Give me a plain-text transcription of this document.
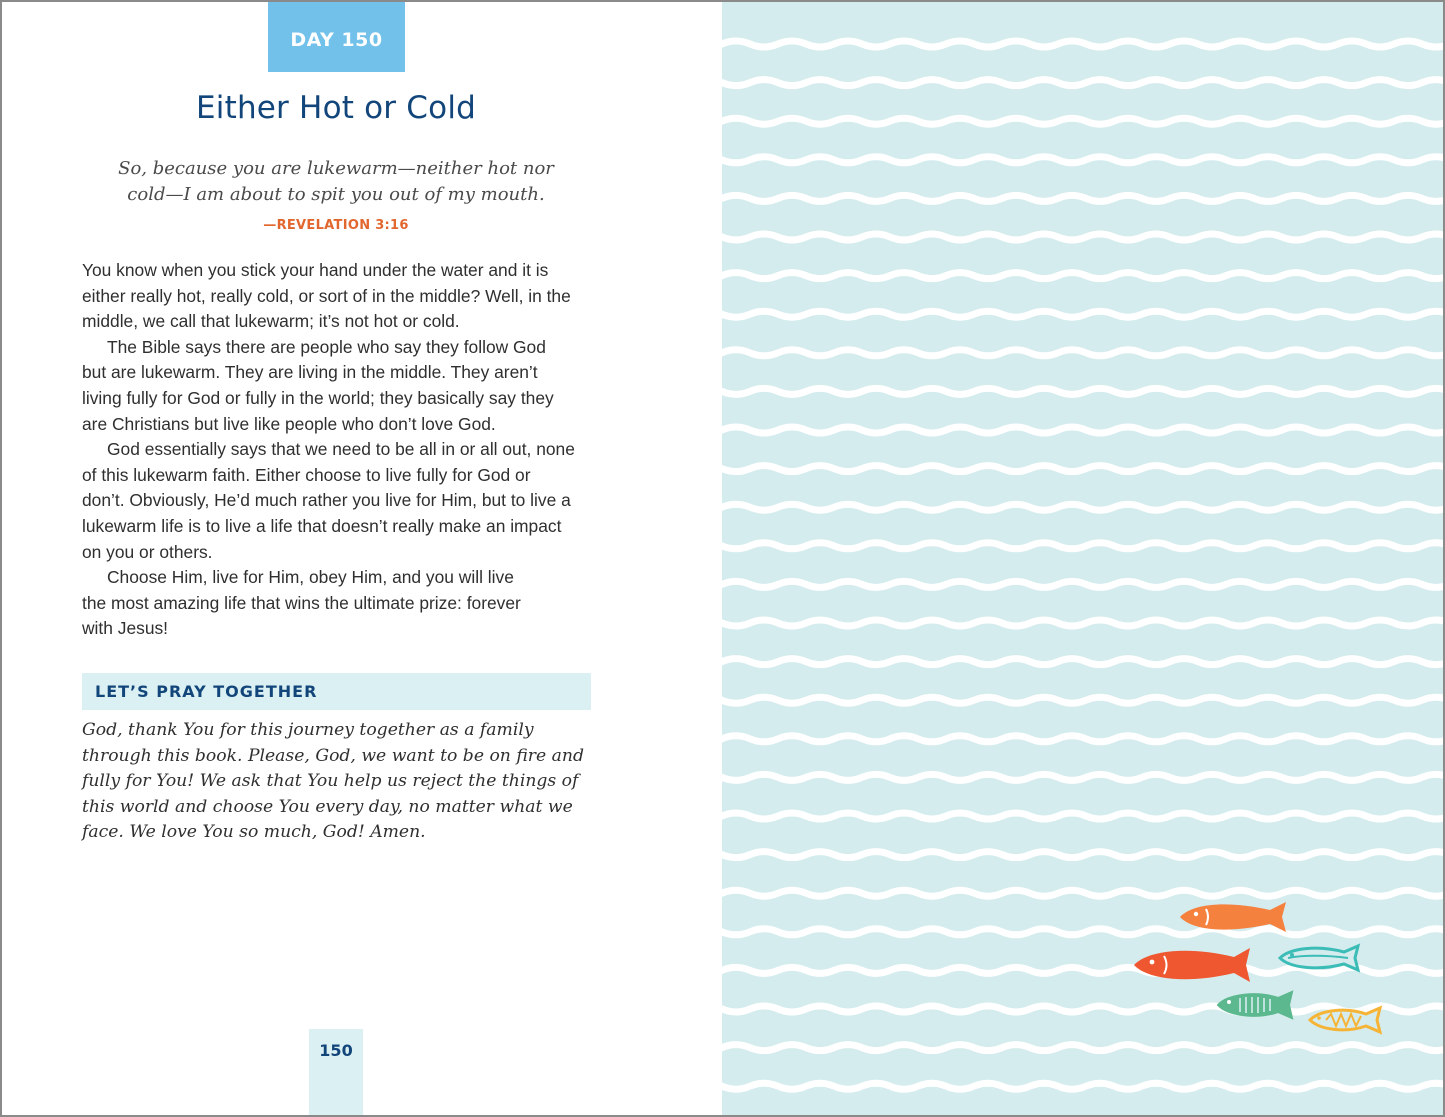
DAY 150
Either Hot or Cold

So, because you are lukewarm—neither hot nor
cold—I am about to spit you out of my mouth.

—REVELATION 3:16

You know when you stick your hand under the water and it is
either really hot, really cold, or sort of in the middle? Well, in the
middle, we call that lukewarm; it’s not hot or cold.

The Bible says there are people who say they follow God
but are lukewarm. They are living in the middle. They aren’t
living fully for God or fully in the world; they basically say they
are Christians but live like people who don’t love God.

God essentially says that we need to be all in or all out, none
of this lukewarm faith. Either choose to live fully for God or
don’t. Obviously, He’d much rather you live for Him, but to live a
lukewarm life is to live a life that doesn’t really make an impact
on you or others.

Choose Him, live for Him, obey Him, and you will live
the most amazing life that wins the ultimate prize: forever
with Jesus!

LET’S PRAY TOGETHER

God, thank You for this journey together as a family
through this book. Please, God, we want to be on fire and
fully for You! We ask that You help us reject the things of
this world and choose You every day, no matter what we
face. We love You so much, God! Amen.

150
